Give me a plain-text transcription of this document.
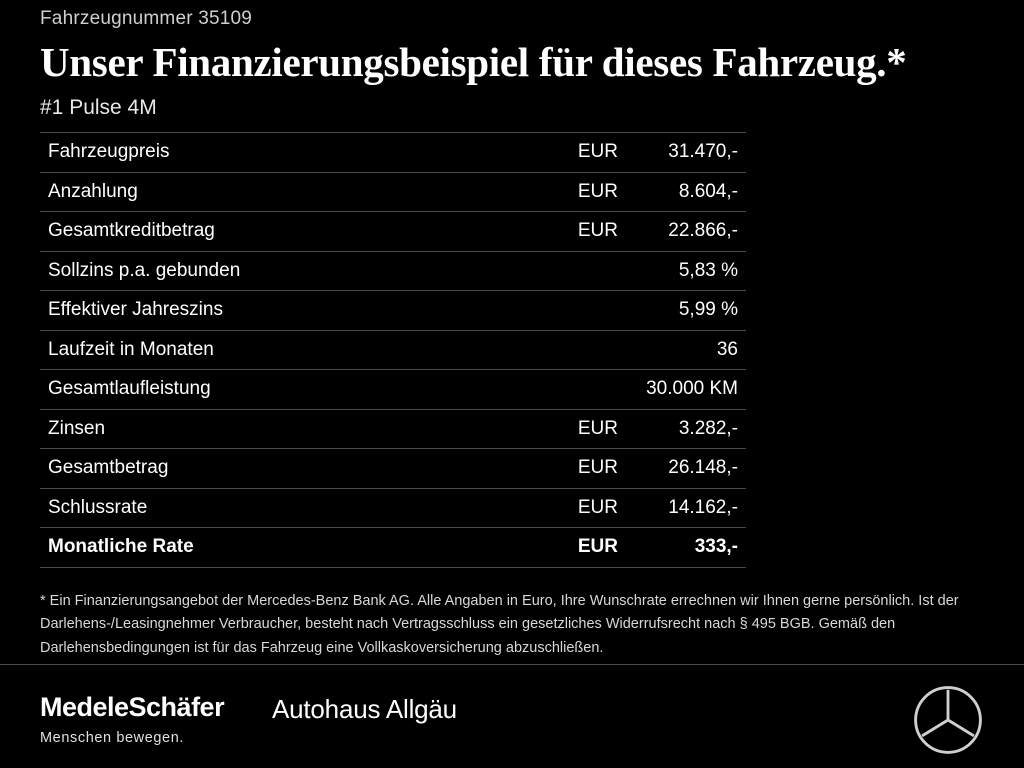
Fahrzeugnummer 35109
Unser Finanzierungsbeispiel für dieses Fahrzeug.*
#1 Pulse 4M
Fahrzeugpreis	EUR	31.470,-
Anzahlung	EUR	8.604,-
Gesamtkreditbetrag	EUR	22.866,-
Sollzins p.a. gebunden	5,83 %
Effektiver Jahreszins	5,99 %
Laufzeit in Monaten	36
Gesamtlaufleistung	30.000 KM
Zinsen	EUR	3.282,-
Gesamtbetrag	EUR	26.148,-
Schlussrate	EUR	14.162,-
Monatliche Rate	EUR	333,-
* Ein Finanzierungsangebot der Mercedes-Benz Bank AG. Alle Angaben in Euro, Ihre Wunschrate errechnen wir Ihnen gerne persönlich. Ist der Darlehens-/Leasingnehmer Verbraucher, besteht nach Vertragsschluss ein gesetzliches Widerrufsrecht nach § 495 BGB. Gemäß den Darlehensbedingungen ist für das Fahrzeug eine Vollkaskoversicherung abzuschließen.
MedeleSchäfer
Menschen bewegen.
Autohaus Allgäu
